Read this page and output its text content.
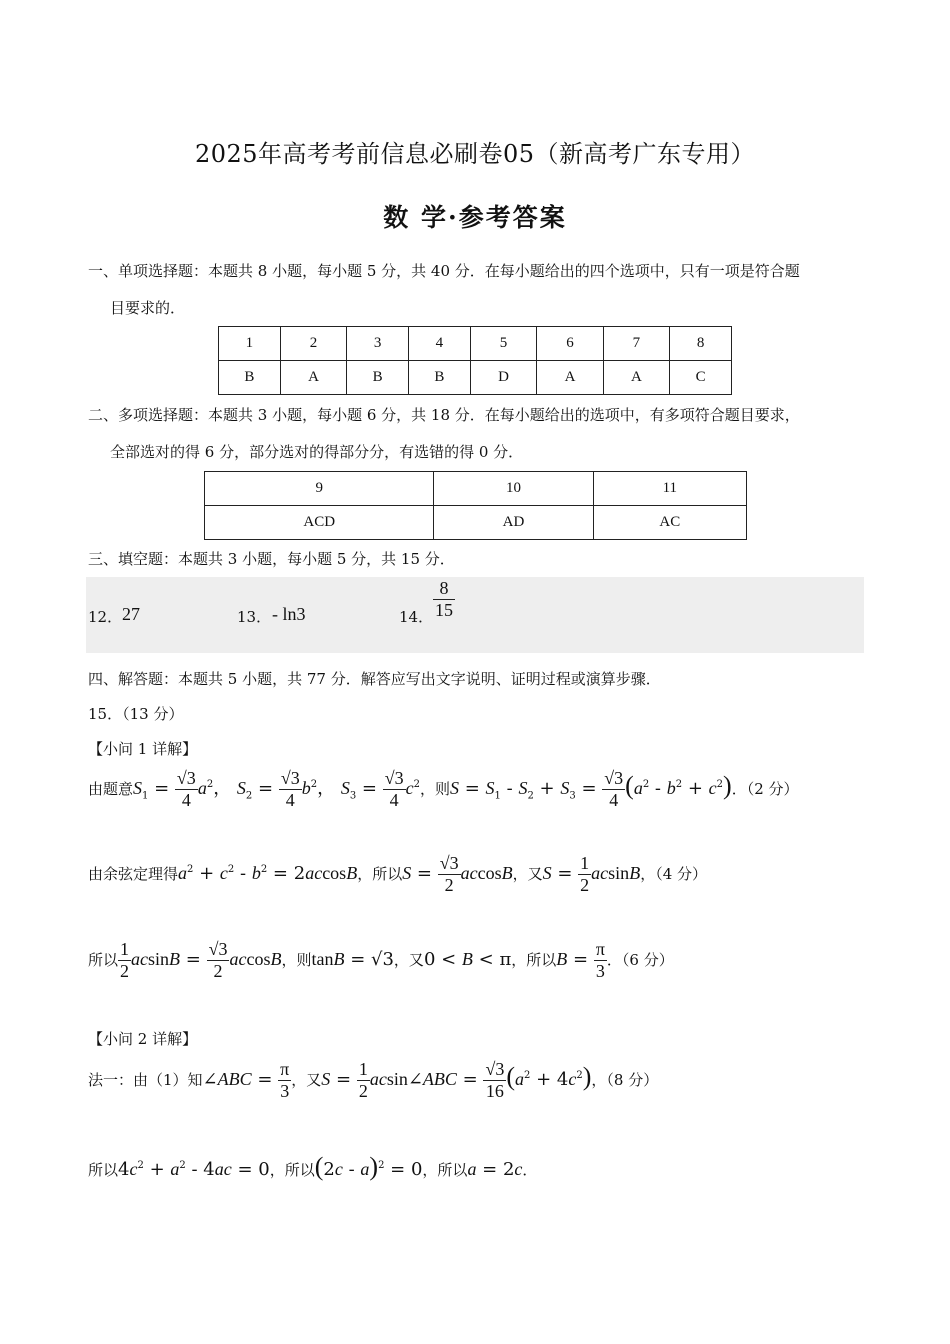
2025年高考考前信息必刷卷05（新高考广东专用）
数 学·参考答案
一、单项选择题：本题共 8 小题，每小题 5 分，共 40 分．在每小题给出的四个选项中，只有一项是符合题
目要求的．
1	2	3	4	5	6	7	8
B	A	B	B	D	A	A	C
二、多项选择题：本题共 3 小题，每小题 6 分，共 18 分．在每小题给出的选项中，有多项符合题目要求，
全部选对的得 6 分，部分选对的得部分分，有选错的得 0 分．
9	10	11
ACD	AD	AC
三、填空题：本题共 3 小题，每小题 5 分，共 15 分．
12． 27	13． - ln3	14． $\frac{8}{15}$
四、解答题：本题共 5 小题，共 77 分．解答应写出文字说明、证明过程或演算步骤．
15．（13 分）
【小问 1 详解】
由题意$S_1 = \frac{√3}{4} a^2$， $S_2 = \frac{√3}{4} b^2$， $S_3 = \frac{√3}{4} c^2$，则$S = S_1 - S_2 + S_3 = \frac{√3}{4} (a^2 - b^2 + c^2)$．（2 分）
由余弦定理得$a^2 + c^2 - b^2 = 2accosB$，所以$S = \frac{√3}{2}$ accosB，又$S = \frac{1}{2}$ acsinB，（4 分）
所以 $\frac{1}{2}$ $acsinB = \frac{√3}{2}$ accosB，则tanB = √3，又0 < B < π，所以$B = \frac{\pi}{3}$ ．（6 分）
【小问 2 详解】
法一：由（1）知∠ABC = $\frac{\pi}{3}$ ，又$S = \frac{1}{2}$ acsin∠ABC = $\frac{√3}{16} (a^2 + 4c^2)$，（8 分）
所以$4c^2 + a^2 - 4ac = 0$，所以(2c - a)$^2$ = 0，所以a = 2c．
